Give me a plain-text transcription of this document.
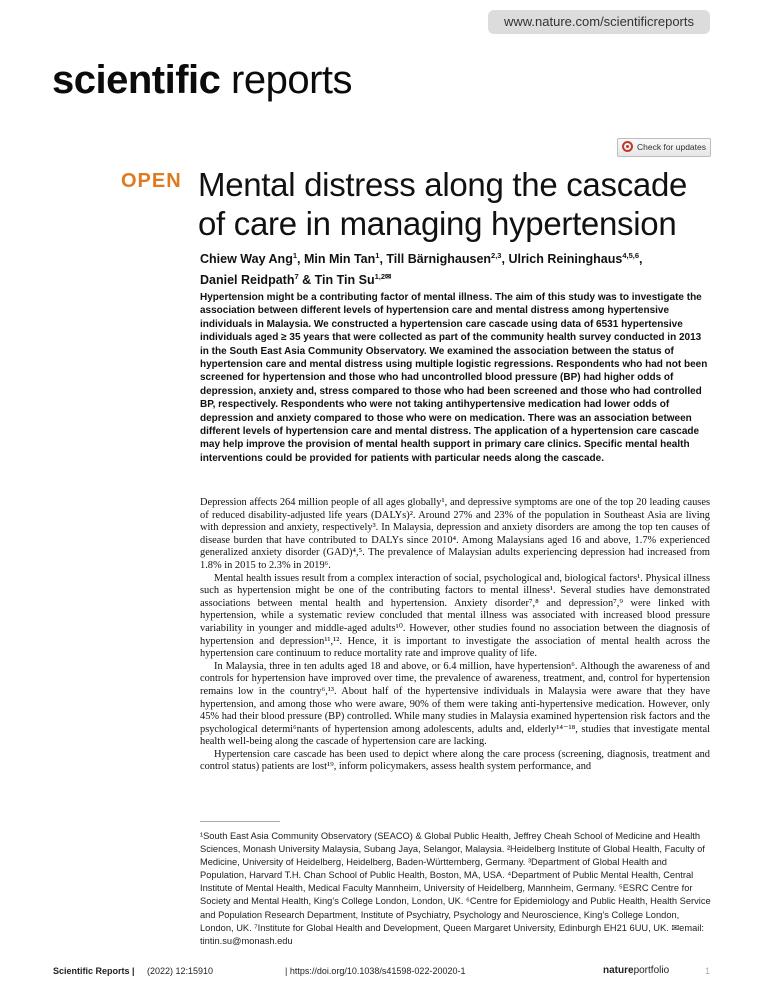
www.nature.com/scientificreports
scientific reports
Check for updates
OPEN Mental distress along the cascade of care in managing hypertension
Chiew Way Ang$^1$, Min Min Tan$^1$, Till Bärnighausen$^{2,3}$, Ulrich Reininghaus$^{4,5,6}$,
Daniel Reidpath$^7$ & Tin Tin $Su^{1,2✉}$
Hypertension might be a contributing factor of mental illness. The aim of this study was to investigate the association between different levels of hypertension care and mental distress among hypertensive individuals in Malaysia. We constructed a hypertension care cascade using data of 6531 hypertensive individuals aged ≥ 35 years that were collected as part of the community health survey conducted in 2013 in the South East Asia Community Observatory. We examined the association between the status of hypertension care and mental distress using multiple logistic regressions. Respondents who had not been screened for hypertension and those who had uncontrolled blood pressure (BP) had higher odds of depression, anxiety and, stress compared to those who had been screened and those who had controlled BP, respectively. Respondents who were not taking antihypertensive medication had lower odds of depression and anxiety compared to those who were on medication. There was an association between different levels of hypertension care and mental distress. The application of a hypertension care cascade may help improve the provision of mental health support in primary care clinics. Specific mental health interventions could be provided for patients with particular needs along the cascade.

Depression affects 264 million people of all ages globally¹, and depressive symptoms are one of the top 20 leading causes of reduced disability-adjusted life years (DALYs)². Around 27% and 23% of the population in Southeast Asia are living with depression and anxiety, respectively³. In Malaysia, depression and anxiety disorders are among the top ten causes of disease burden that have contributed to DALYs since 2010⁴. Among Malaysians aged 16 and above, 1.7% experienced generalized anxiety disorder (GAD)⁴,⁵. The prevalence of Malaysian adults experiencing depression had increased from 1.8% in 2015 to 2.3% in 2019⁶.

Mental health issues result from a complex interaction of social, psychological and, biological factors¹. Physical illness such as hypertension might be one of the contributing factors to mental illness¹. Several studies have demonstrated associations between mental health and hypertension. Anxiety disorder⁷,⁸ and depression⁷,⁹ were linked with hypertension, while a systematic review concluded that mental illness was associated with increased blood pressure variability in younger and middle-aged adults¹⁰. However, other studies found no association between the diagnosis of hypertension and depression¹¹,¹². Hence, it is important to investigate the association of mental health across the hypertension care continuum to reduce mortality rate and improve quality of life.

In Malaysia, three in ten adults aged 18 and above, or 6.4 million, have hypertension⁶. Although the awareness of and controls for hypertension have improved over time, the prevalence of awareness, treatment, and, control for hypertension remains low in the country⁶,¹³. About half of the hypertensive individuals in Malaysia were aware that they have hypertension, and among those who were aware, 90% of them were taking anti-hypertensive medication. However, only 45% had their blood pressure (BP) controlled. While many studies in Malaysia examined hypertension risk factors and the psychological determi⁶nants of hypertension among adolescents, adults and, elderly¹⁴⁻¹⁸, studies that investigate mental health well-being along the cascade of hypertension care are lacking.

Hypertension care cascade has been used to depict where along the care process (screening, diagnosis, treatment and control status) patients are lost¹⁹, inform policymakers, assess health system performance, and

¹South East Asia Community Observatory (SEACO) & Global Public Health, Jeffrey Cheah School of Medicine and Health Sciences, Monash University Malaysia, Subang Jaya, Selangor, Malaysia. ²Heidelberg Institute of Global Health, Faculty of Medicine, University of Heidelberg, Heidelberg, Baden-Württemberg, Germany. ³Department of Global Health and Population, Harvard T.H. Chan School of Public Health, Boston, MA, USA. ⁴Department of Public Mental Health, Central Institute of Mental Health, Medical Faculty Mannheim, University of Heidelberg, Mannheim, Germany. ⁵ESRC Centre for Society and Mental Health, King’s College London, London, UK. ⁶Centre for Epidemiology and Public Health, Health Service and Population Research Department, Institute of Psychiatry, Psychology and Neuroscience, King’s College London, London, UK. ⁷Institute for Global Health and Development, Queen Margaret University, Edinburgh EH21 6UU, UK. ✉email: tintin.su@monash.edu
Scientific Reports | (2022) 12:15910	| https://doi.org/10.1038/s41598-022-20020-1	natureportfolio	1
